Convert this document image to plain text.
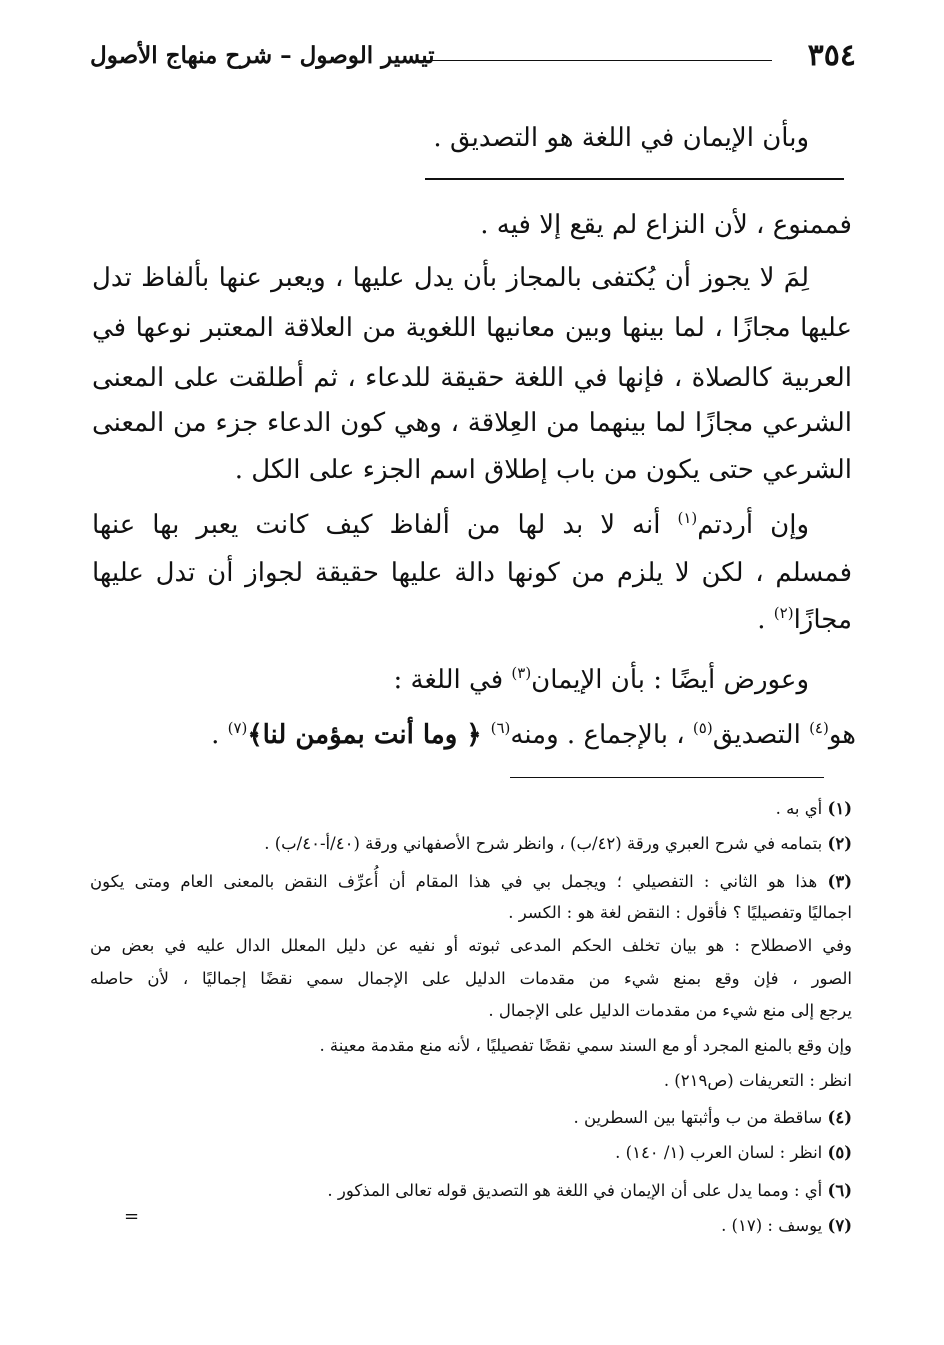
٣٥٤
تيسير الوصول – شرح منهاج الأصول
وبأن الإيمان في اللغة هو التصديق .
فممنوع ، لأن النزاع لم يقع إلا فيه .
لِمَ لا يجوز أن يُكتفى بالمجاز بأن يدل عليها ، ويعبر عنها بألفاظ تدل
عليها مجازًا ، لما بينها وبين معانيها اللغوية من العلاقة المعتبر نوعها في
العربية كالصلاة ، فإنها في اللغة حقيقة للدعاء ، ثم أطلقت على المعنى
الشرعي مجازًا لما بينهما من العِلاقة ، وهي كون الدعاء جزء من المعنى
الشرعي حتى يكون من باب إطلاق اسم الجزء على الكل .
وإن أردتم$^{(١)}$ أنه لا بد لها من ألفاظ كيف كانت يعبر بها عنها
فمسلم ، لكن لا يلزم من كونها دالة عليها حقيقة لجواز أن تدل عليها
مجازًا$^{(٢)}$ .
وعورض أيضًا : بأن الإيمان$^{(٣)}$ في اللغة :
هو$^{(٤)}$ التصديق$^{(٥)}$ ، بالإجماع . ومنه$^{(٦)}$ ﴿ وما أنت بمؤمن لنا﴾$^{(٧)}$ .
(١) أي به .
(٢) بتمامه في شرح العبري ورقة (٤٢/ب) ، وانظر شرح الأصفهاني ورقة (٤٠/أ-٤٠/ب) .
(٣) هذا هو الثاني : التفصيلي ؛ ويجمل بي في هذا المقام أن أُعرِّف النقض بالمعنى العام ومتى يكون
اجماليًا وتفصيليًا ؟ فأقول : النقض لغة هو : الكسر .
وفي الاصطلاح : هو بيان تخلف الحكم المدعى ثبوته أو نفيه عن دليل المعلل الدال عليه في بعض من
الصور ، فإن وقع بمنع شيء من مقدمات الدليل على الإجمال سمي نقضًا إجماليًا ، لأن حاصله
يرجع إلى منع شيء من مقدمات الدليل على الإجمال .
وإن وقع بالمنع المجرد أو مع السند سمي نقضًا تفصيليًا ، لأنه منع مقدمة معينة .
انظر : التعريفات (ص٢١٩) .
(٤) ساقطة من ب وأثبتها بين السطرين .
(٥) انظر : لسان العرب (١/ ١٤٠) .
(٦) أي : ومما يدل على أن الإيمان في اللغة هو التصديق قوله تعالى المذكور .
(٧) يوسف : (١٧) .
=
